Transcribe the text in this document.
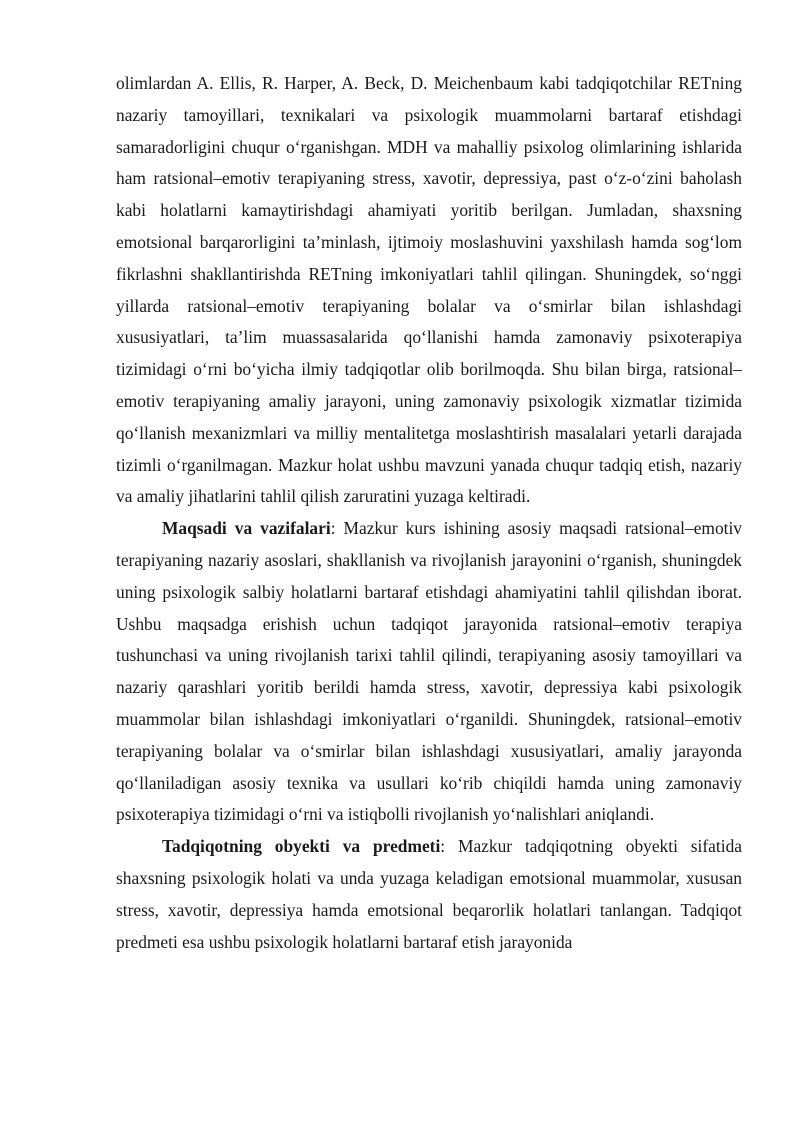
olimlardan A. Ellis, R. Harper, A. Beck, D. Meichenbaum kabi tadqiqotchilar RETning nazariy tamoyillari, texnikalari va psixologik muammolarni bartaraf etishdagi samaradorligini chuqur o‘rganishgan. MDH va mahalliy psixolog olimlarining ishlarida ham ratsional–emotiv terapiyaning stress, xavotir, depressiya, past o‘z-o‘zini baholash kabi holatlarni kamaytirishdagi ahamiyati yoritib berilgan. Jumladan, shaxsning emotsional barqarorligini ta’minlash, ijtimoiy moslashuvini yaxshilash hamda sog‘lom fikrlashni shakllantirishda RETning imkoniyatlari tahlil qilingan. Shuningdek, so‘nggi yillarda ratsional–emotiv terapiyaning bolalar va o‘smirlar bilan ishlashdagi xususiyatlari, ta’lim muassasalarida qo‘llanishi hamda zamonaviy psixoterapiya tizimidagi o‘rni bo‘yicha ilmiy tadqiqotlar olib borilmoqda. Shu bilan birga, ratsional–emotiv terapiyaning amaliy jarayoni, uning zamonaviy psixologik xizmatlar tizimida qo‘llanish mexanizmlari va milliy mentalitetga moslashtirish masalalari yetarli darajada tizimli o‘rganilmagan. Mazkur holat ushbu mavzuni yanada chuqur tadqiq etish, nazariy va amaliy jihatlarini tahlil qilish zaruratini yuzaga keltiradi.

Maqsadi va vazifalari: Mazkur kurs ishining asosiy maqsadi ratsional–emotiv terapiyaning nazariy asoslari, shakllanish va rivojlanish jarayonini o‘rganish, shuningdek uning psixologik salbiy holatlarni bartaraf etishdagi ahamiyatini tahlil qilishdan iborat. Ushbu maqsadga erishish uchun tadqiqot jarayonida ratsional–emotiv terapiya tushunchasi va uning rivojlanish tarixi tahlil qilindi, terapiyaning asosiy tamoyillari va nazariy qarashlari yoritib berildi hamda stress, xavotir, depressiya kabi psixologik muammolar bilan ishlashdagi imkoniyatlari o‘rganildi. Shuningdek, ratsional–emotiv terapiyaning bolalar va o‘smirlar bilan ishlashdagi xususiyatlari, amaliy jarayonda qo‘llaniladigan asosiy texnika va usullari ko‘rib chiqildi hamda uning zamonaviy psixoterapiya tizimidagi o‘rni va istiqbolli rivojlanish yo‘nalishlari aniqlandi.

Tadqiqotning obyekti va predmeti: Mazkur tadqiqotning obyekti sifatida shaxsning psixologik holati va unda yuzaga keladigan emotsional muammolar, xususan stress, xavotir, depressiya hamda emotsional beqarorlik holatlari tanlangan. Tadqiqot predmeti esa ushbu psixologik holatlarni bartaraf etish jarayonida
